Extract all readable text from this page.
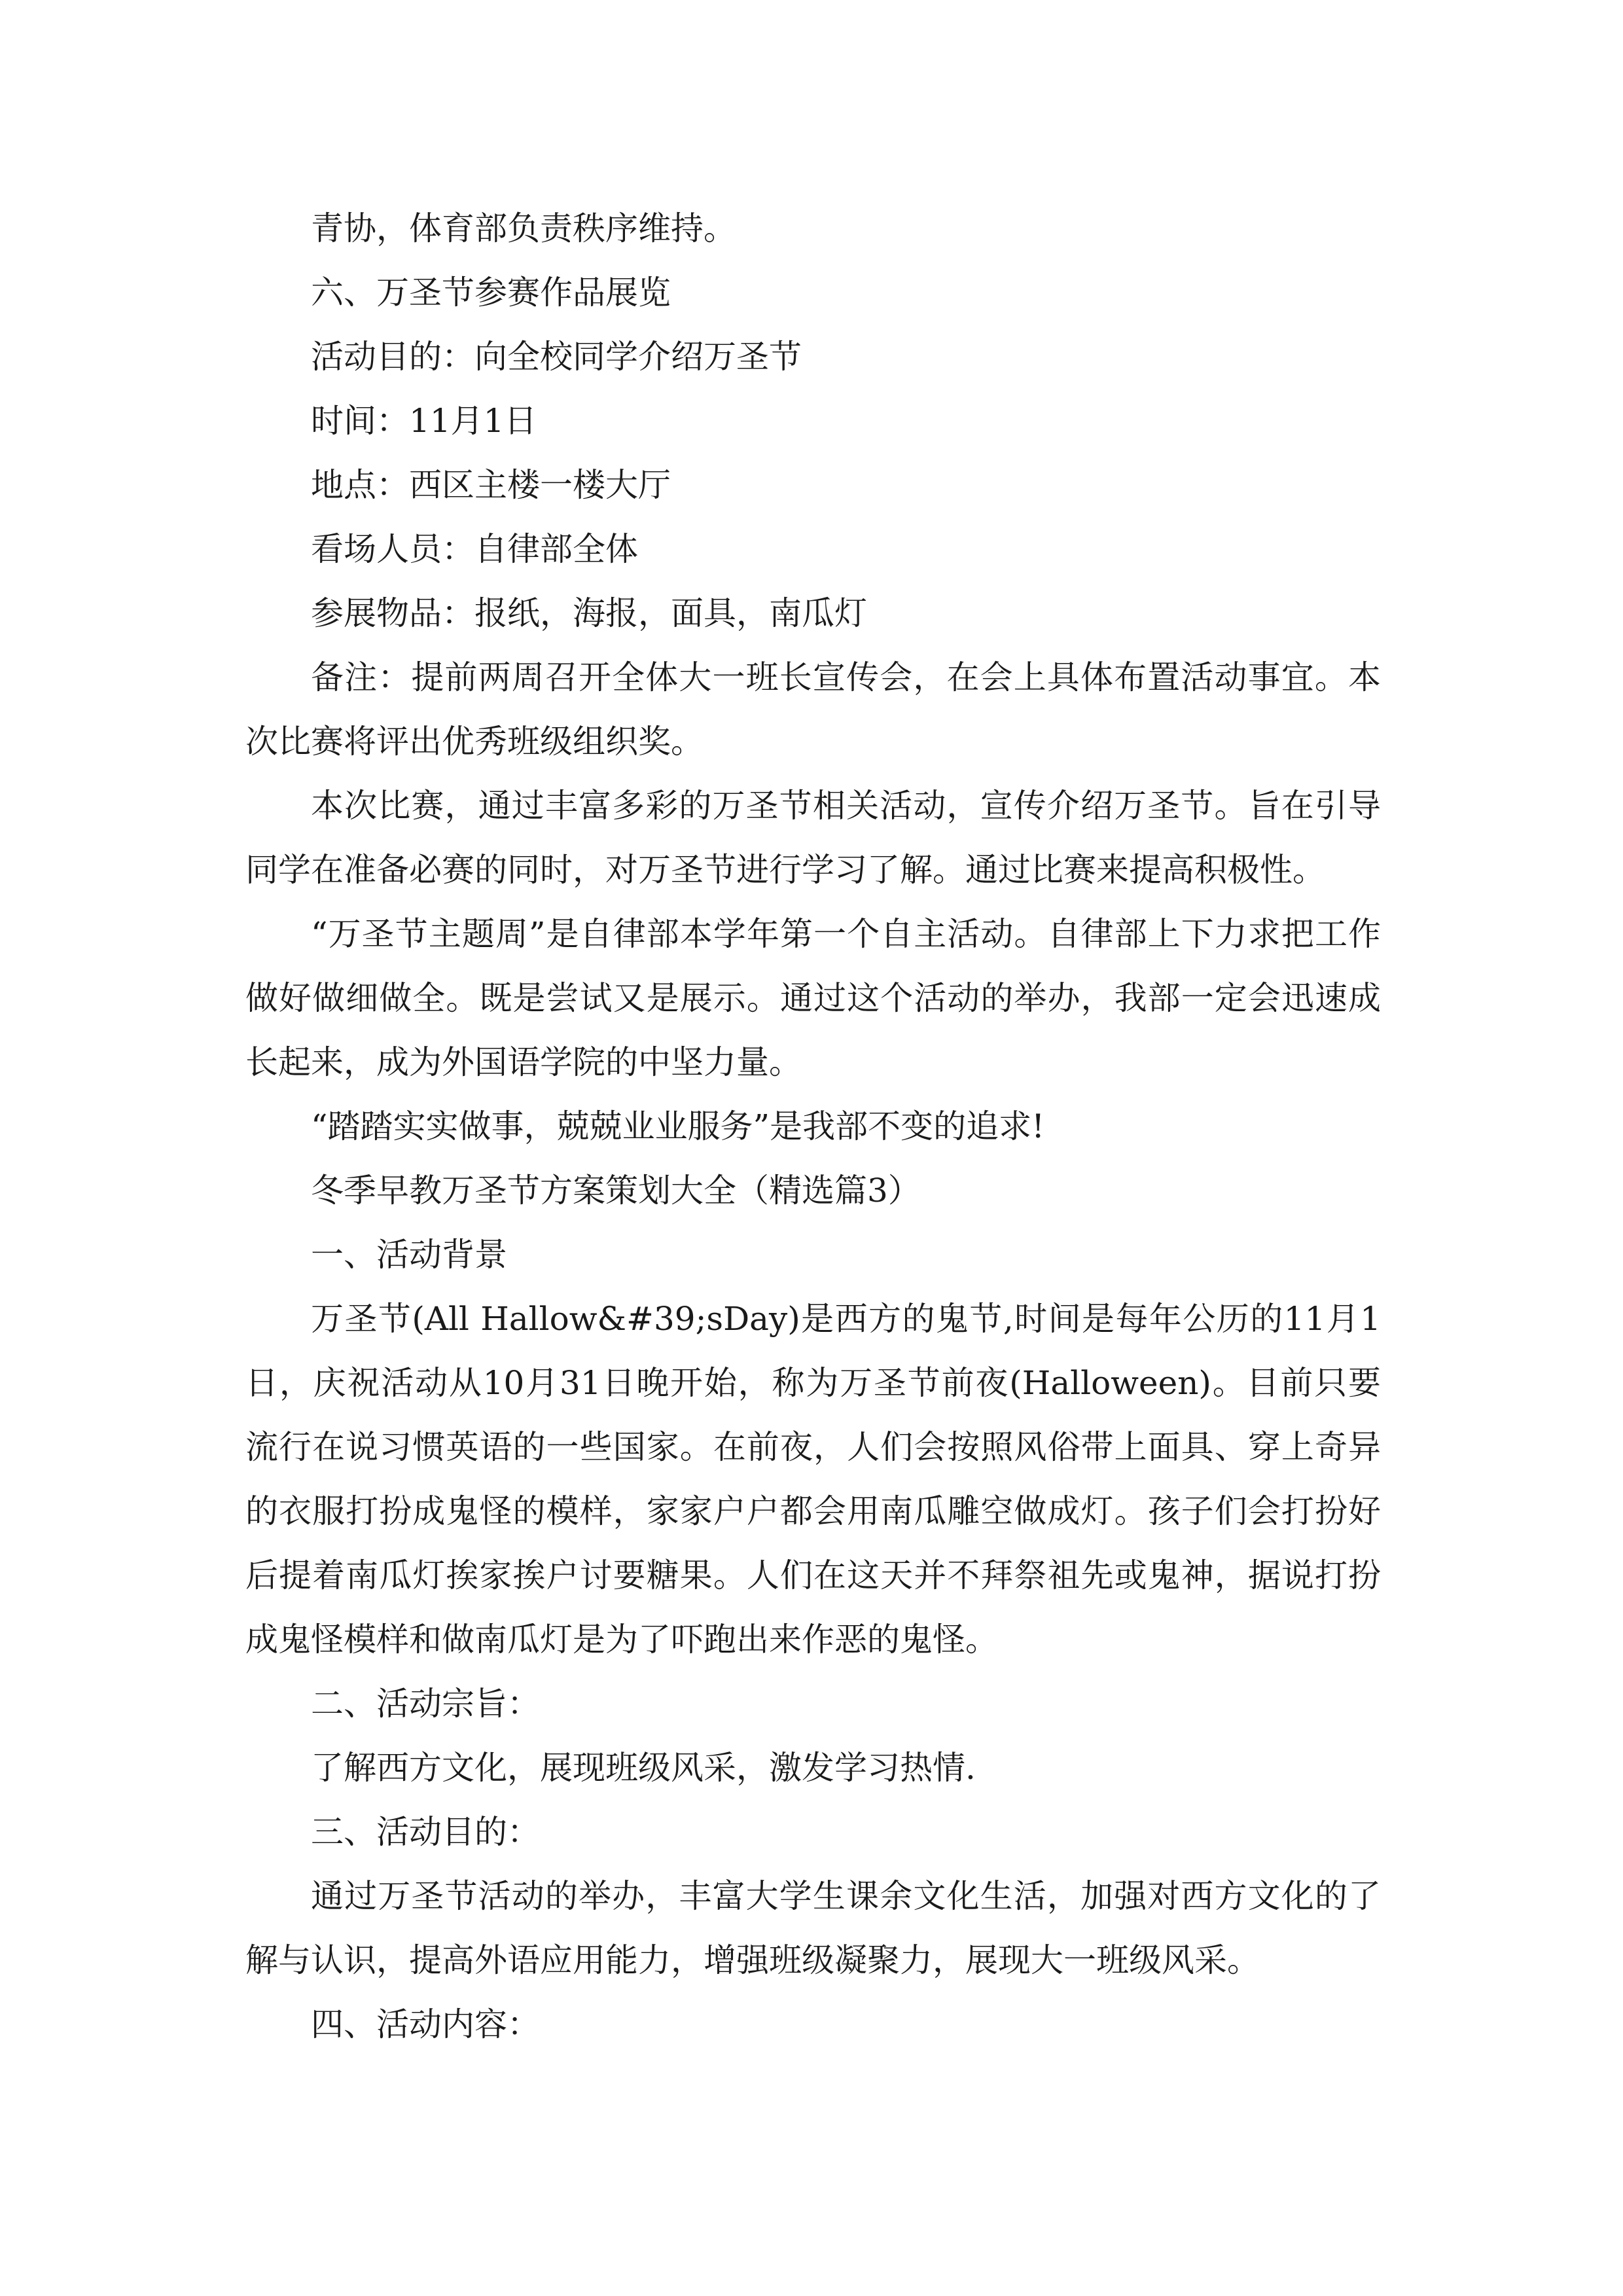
青协，体育部负责秩序维持。

六、万圣节参赛作品展览

活动目的：向全校同学介绍万圣节

时间：11月1日

地点：西区主楼一楼大厅

看场人员：自律部全体

参展物品：报纸，海报，面具，南瓜灯

备注：提前两周召开全体大一班长宣传会，在会上具体布置活动事宜。本次比赛将评出优秀班级组织奖。

本次比赛，通过丰富多彩的万圣节相关活动，宣传介绍万圣节。旨在引导同学在准备必赛的同时，对万圣节进行学习了解。通过比赛来提高积极性。

“万圣节主题周”是自律部本学年第一个自主活动。自律部上下力求把工作做好做细做全。既是尝试又是展示。通过这个活动的举办，我部一定会迅速成长起来，成为外国语学院的中坚力量。

“踏踏实实做事，兢兢业业服务”是我部不变的追求!

冬季早教万圣节方案策划大全（精选篇3）

一、活动背景

万圣节(All Hallow&#39;sDay)是西方的鬼节,时间是每年公历的11月1日，庆祝活动从10月31日晚开始，称为万圣节前夜(Halloween)。目前只要流行在说习惯英语的一些国家。在前夜，人们会按照风俗带上面具、穿上奇异的衣服打扮成鬼怪的模样，家家户户都会用南瓜雕空做成灯。孩子们会打扮好后提着南瓜灯挨家挨户讨要糖果。人们在这天并不拜祭祖先或鬼神，据说打扮成鬼怪模样和做南瓜灯是为了吓跑出来作恶的鬼怪。

二、活动宗旨：

了解西方文化，展现班级风采，激发学习热情.

三、活动目的：

通过万圣节活动的举办，丰富大学生课余文化生活，加强对西方文化的了解与认识，提高外语应用能力，增强班级凝聚力，展现大一班级风采。

四、活动内容：
